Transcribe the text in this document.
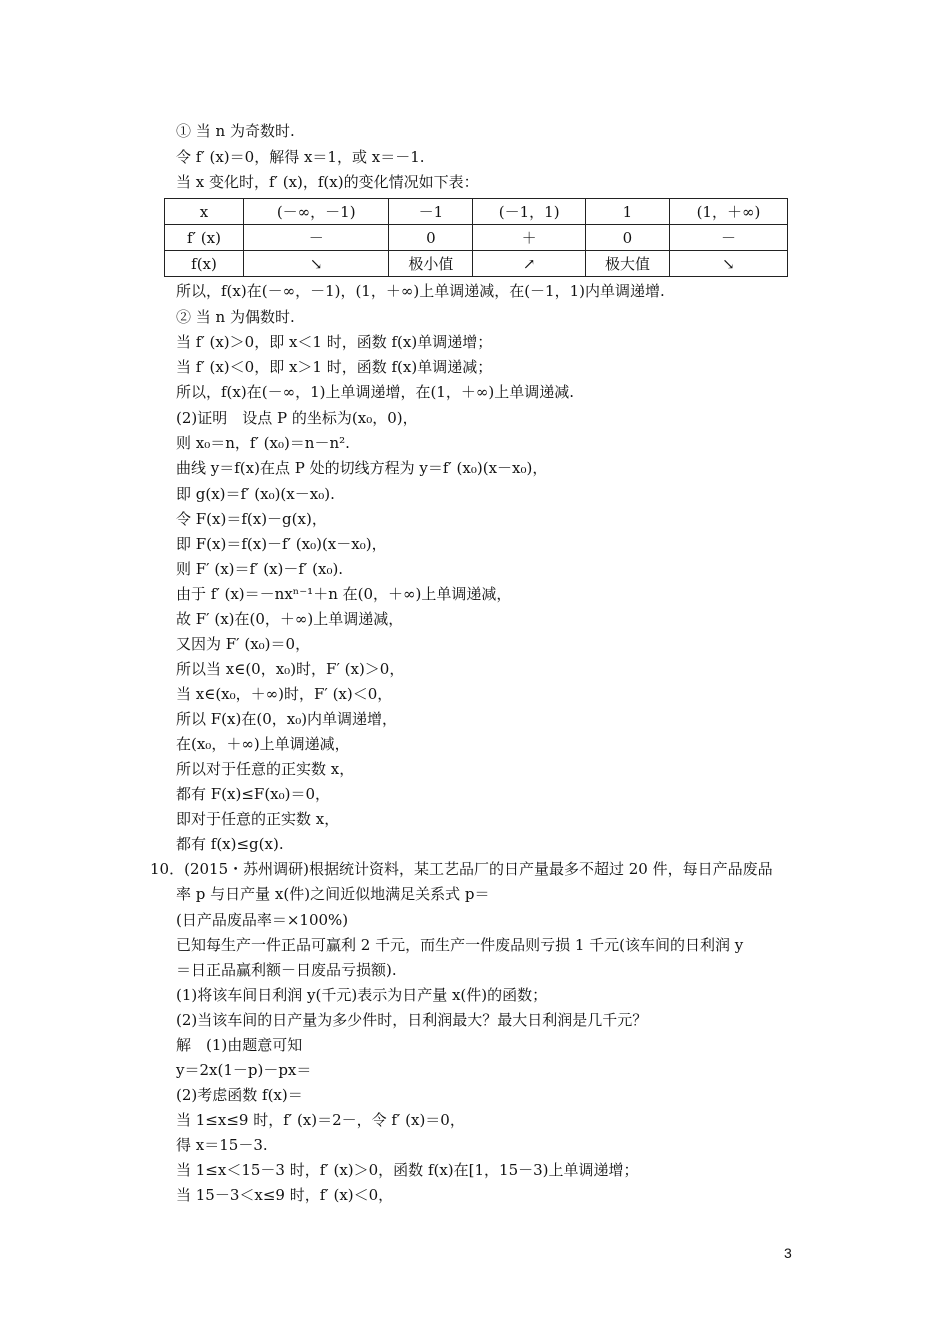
① 当 n 为奇数时.
令 f′ (x)＝0，解得 x＝1，或 x＝－1.
当 x 变化时，f′ (x)，f(x)的变化情况如下表：
x	(－∞，－1)	－1	(－1，1)	1	(1，＋∞)
f′ (x)	－	0	＋	0	－
f(x)	↘	极小值	↗	极大值	↘
所以，f(x)在(－∞，－1)，(1，＋∞)上单调递减，在(－1，1)内单调递增.
② 当 n 为偶数时.
当 f′ (x)＞0，即 x＜1 时，函数 f(x)单调递增；
当 f′ (x)＜0，即 x＞1 时，函数 f(x)单调递减；
所以，f(x)在(－∞，1)上单调递增，在(1，＋∞)上单调递减.
(2)证明　设点 P 的坐标为(x₀，0)，
则 x₀＝n，f′ (x₀)＝n－n².
曲线 y＝f(x)在点 P 处的切线方程为 y＝f′ (x₀)(x－x₀)，
即 g(x)＝f′ (x₀)(x－x₀).
令 F(x)＝f(x)－g(x)，
即 F(x)＝f(x)－f′ (x₀)(x－x₀)，
则 F′ (x)＝f′ (x)－f′ (x₀).
由于 f′ (x)＝－nxⁿ⁻¹＋n 在(0，＋∞)上单调递减，
故 F′ (x)在(0，＋∞)上单调递减，
又因为 F′ (x₀)＝0，
所以当 x∈(0，x₀)时，F′ (x)＞0，
当 x∈(x₀，＋∞)时，F′ (x)＜0，
所以 F(x)在(0，x₀)内单调递增，
在(x₀，＋∞)上单调递减，
所以对于任意的正实数 x，
都有 F(x)≤F(x₀)＝0，
即对于任意的正实数 x，
都有 f(x)≤g(x).
10．(2015・苏州调研)根据统计资料，某工艺品厂的日产量最多不超过 20 件，每日产品废品
率 p 与日产量 x(件)之间近似地满足关系式 p＝
(日产品废品率＝×100%)
已知每生产一件正品可赢利 2 千元，而生产一件废品则亏损 1 千元(该车间的日利润 y
＝日正品赢利额－日废品亏损额).
(1)将该车间日利润 y(千元)表示为日产量 x(件)的函数；
(2)当该车间的日产量为多少件时，日利润最大？最大日利润是几千元？
解　(1)由题意可知
y＝2x(1－p)－px＝
(2)考虑函数 f(x)＝
当 1≤x≤9 时，f′ (x)＝2－，令 f′ (x)＝0，
得 x＝15－3.
当 1≤x＜15－3 时，f′ (x)＞0，函数 f(x)在[1，15－3)上单调递增；
当 15－3＜x≤9 时，f′ (x)＜0，
3
